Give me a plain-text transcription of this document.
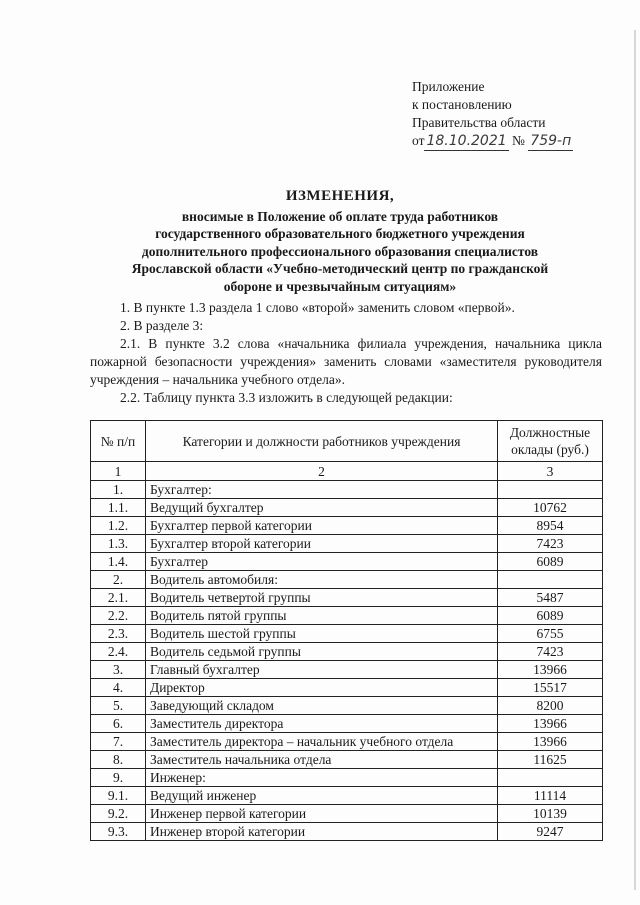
Приложение
к постановлению
Правительства области
от 18.10.2021 № 759-п
ИЗМЕНЕНИЯ,
вносимые в Положение об оплате труда работников
государственного образовательного бюджетного учреждения
дополнительного профессионального образования специалистов
Ярославской области «Учебно-методический центр по гражданской
обороне и чрезвычайным ситуациям»

1. В пункте 1.3 раздела 1 слово «второй» заменить словом «первой».

2. В разделе 3:

2.1. В пункте 3.2 слова «начальника филиала учреждения, начальника цикла пожарной безопасности учреждения» заменить словами «заместителя руководителя учреждения – начальника учебного отдела».

2.2. Таблицу пункта 3.3 изложить в следующей редакции:

№ п/п	Категории и должности работников учреждения	Должностные оклады (руб.)
1	2	3
1.	Бухгалтер:	
1.1.	Ведущий бухгалтер	10762
1.2.	Бухгалтер первой категории	8954
1.3.	Бухгалтер второй категории	7423
1.4.	Бухгалтер	6089
2.	Водитель автомобиля:	
2.1.	Водитель четвертой группы	5487
2.2.	Водитель пятой группы	6089
2.3.	Водитель шестой группы	6755
2.4.	Водитель седьмой группы	7423
3.	Главный бухгалтер	13966
4.	Директор	15517
5.	Заведующий складом	8200
6.	Заместитель директора	13966
7.	Заместитель директора – начальник учебного отдела	13966
8.	Заместитель начальника отдела	11625
9.	Инженер:	
9.1.	Ведущий инженер	11114
9.2.	Инженер первой категории	10139
9.3.	Инженер второй категории	9247
